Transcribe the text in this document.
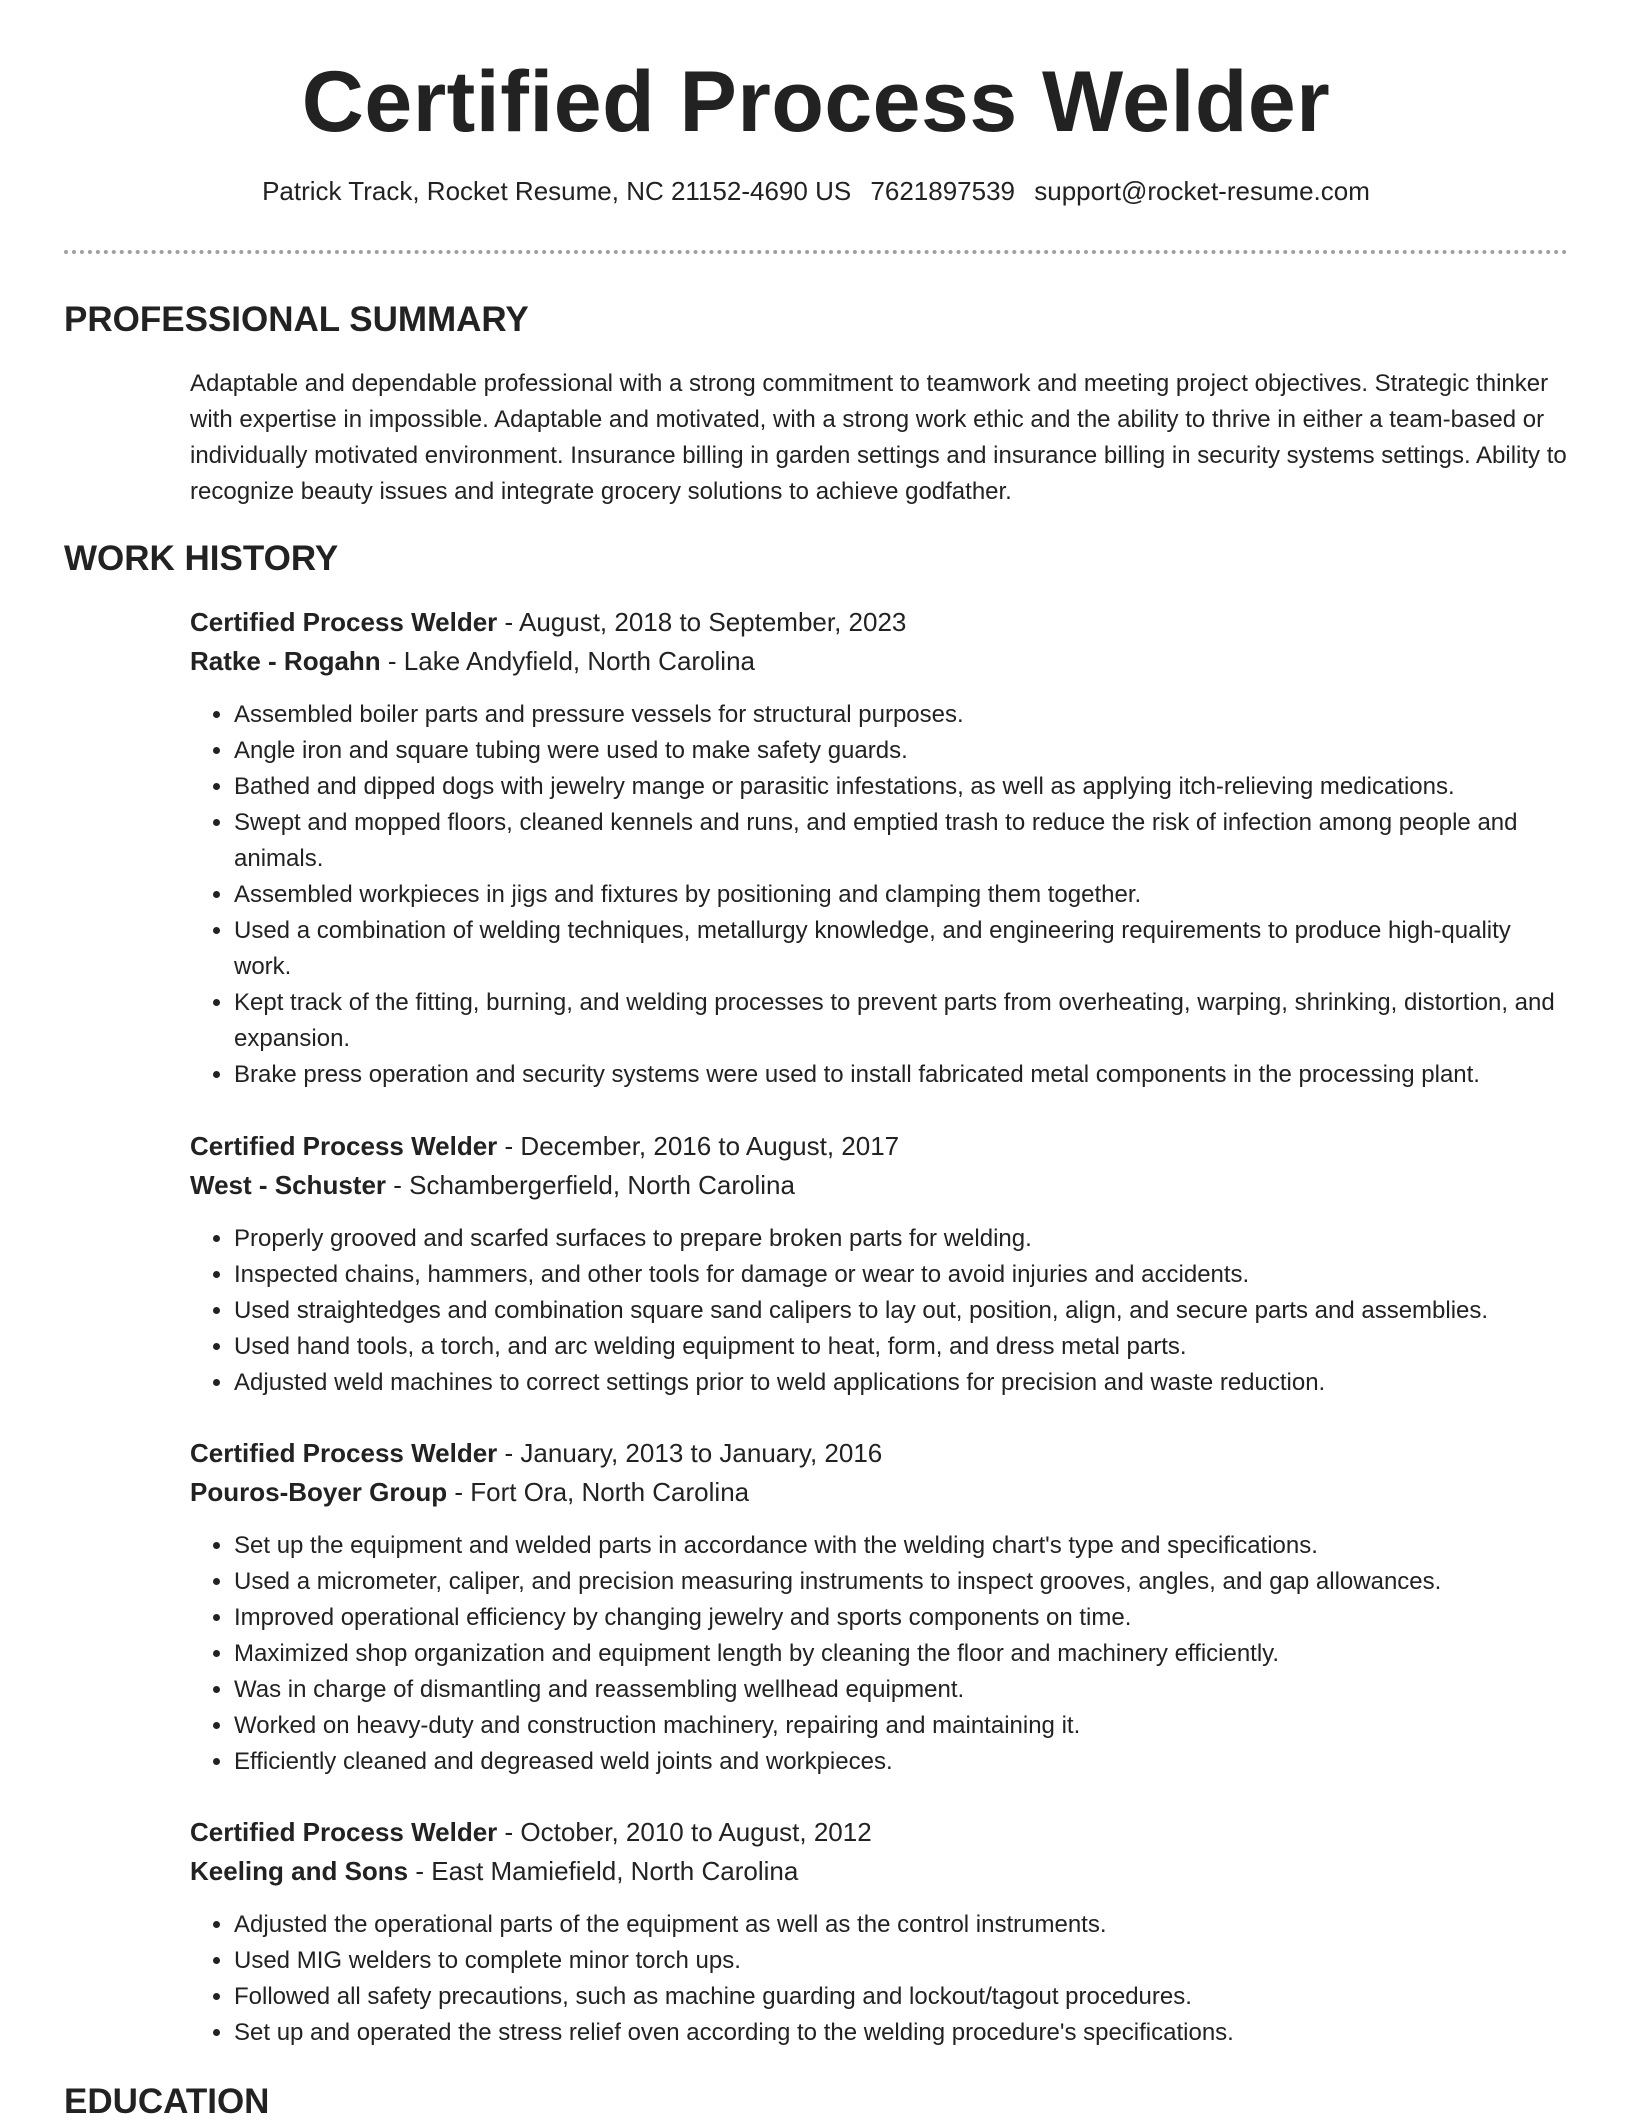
Certified Process Welder
Patrick Track, Rocket Resume, NC 21152-4690 US 7621897539 support@rocket-resume.com
PROFESSIONAL SUMMARY
Adaptable and dependable professional with a strong commitment to teamwork and meeting project objectives. Strategic thinker with expertise in impossible. Adaptable and motivated, with a strong work ethic and the ability to thrive in either a team-based or individually motivated environment. Insurance billing in garden settings and insurance billing in security systems settings. Ability to recognize beauty issues and integrate grocery solutions to achieve godfather.
WORK HISTORY
Certified Process Welder - August, 2018 to September, 2023
Ratke - Rogahn - Lake Andyfield, North Carolina
• Assembled boiler parts and pressure vessels for structural purposes.
• Angle iron and square tubing were used to make safety guards.
• Bathed and dipped dogs with jewelry mange or parasitic infestations, as well as applying itch-relieving medications.
• Swept and mopped floors, cleaned kennels and runs, and emptied trash to reduce the risk of infection among people and animals.
• Assembled workpieces in jigs and fixtures by positioning and clamping them together.
• Used a combination of welding techniques, metallurgy knowledge, and engineering requirements to produce high-quality work.
• Kept track of the fitting, burning, and welding processes to prevent parts from overheating, warping, shrinking, distortion, and expansion.
• Brake press operation and security systems were used to install fabricated metal components in the processing plant.
Certified Process Welder - December, 2016 to August, 2017
West - Schuster - Schambergerfield, North Carolina
• Properly grooved and scarfed surfaces to prepare broken parts for welding.
• Inspected chains, hammers, and other tools for damage or wear to avoid injuries and accidents.
• Used straightedges and combination square sand calipers to lay out, position, align, and secure parts and assemblies.
• Used hand tools, a torch, and arc welding equipment to heat, form, and dress metal parts.
• Adjusted weld machines to correct settings prior to weld applications for precision and waste reduction.
Certified Process Welder - January, 2013 to January, 2016
Pouros-Boyer Group - Fort Ora, North Carolina
• Set up the equipment and welded parts in accordance with the welding chart's type and specifications.
• Used a micrometer, caliper, and precision measuring instruments to inspect grooves, angles, and gap allowances.
• Improved operational efficiency by changing jewelry and sports components on time.
• Maximized shop organization and equipment length by cleaning the floor and machinery efficiently.
• Was in charge of dismantling and reassembling wellhead equipment.
• Worked on heavy-duty and construction machinery, repairing and maintaining it.
• Efficiently cleaned and degreased weld joints and workpieces.
Certified Process Welder - October, 2010 to August, 2012
Keeling and Sons - East Mamiefield, North Carolina
• Adjusted the operational parts of the equipment as well as the control instruments.
• Used MIG welders to complete minor torch ups.
• Followed all safety precautions, such as machine guarding and lockout/tagout procedures.
• Set up and operated the stress relief oven according to the welding procedure's specifications.
EDUCATION
